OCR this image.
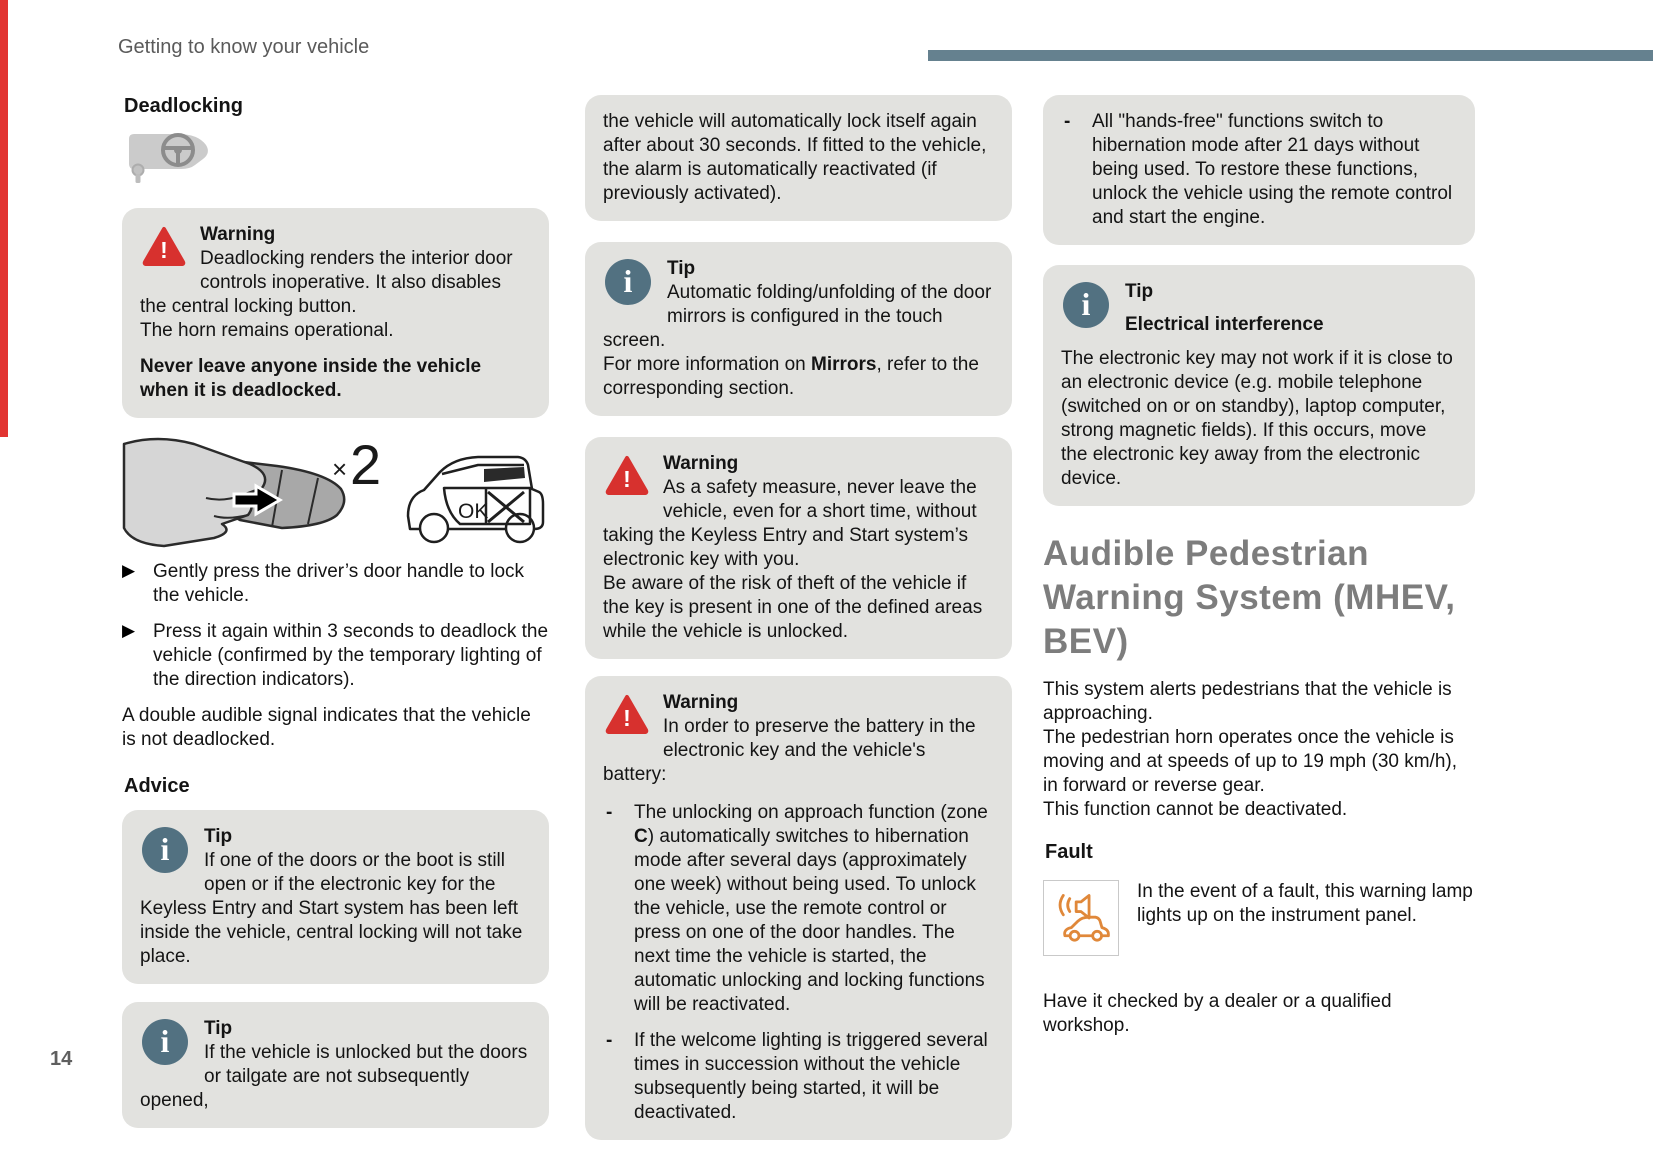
Getting to know your vehicle
Deadlocking
!

Warning
Deadlocking renders the interior door controls inoperative. It also disables the central locking button.
The horn remains operational.

Never leave anyone inside the vehicle when it is deadlocked.

× 2
OK
▶ Gently press the driver’s door handle to lock the vehicle.
▶ Press it again within 3 seconds to deadlock the vehicle (confirmed by the temporary lighting of the direction indicators).

A double audible signal indicates that the vehicle is not deadlocked.

Advice
i	Tip
If one of the doors or the boot is still open or if the electronic key for the Keyless Entry and Start system has been left inside the vehicle, central locking will not take place.

i	Tip
If the vehicle is unlocked but the doors or tailgate are not subsequently opened,

the vehicle will automatically lock itself again after about 30 seconds. If fitted to the vehicle, the alarm is automatically reactivated (if previously activated).

i	Tip
Automatic folding/unfolding of the door mirrors is configured in the touch screen.
For more information on Mirrors, refer to the corresponding section.

!

Warning
As a safety measure, never leave the vehicle, even for a short time, without taking the Keyless Entry and Start system’s electronic key with you.
Be aware of the risk of theft of the vehicle if the key is present in one of the defined areas while the vehicle is unlocked.

!

Warning
In order to preserve the battery in the electronic key and the vehicle's battery:

- The unlocking on approach function (zone C) automatically switches to hibernation mode after several days (approximately one week) without being used. To unlock the vehicle, use the remote control or press on one of the door handles. The next time the vehicle is started, the automatic unlocking and locking functions will be reactivated.
- If the welcome lighting is triggered several times in succession without the vehicle subsequently being started, it will be deactivated.
- All "hands-free" functions switch to hibernation mode after 21 days without being used. To restore these functions, unlock the vehicle using the remote control and start the engine.
i	Tip
Electrical interference

The electronic key may not work if it is close to an electronic device (e.g. mobile telephone (switched on or on standby), laptop computer, strong magnetic fields). If this occurs, move the electronic key away from the electronic device.

Audible Pedestrian Warning System (MHEV, BEV)

This system alerts pedestrians that the vehicle is approaching.

The pedestrian horn operates once the vehicle is moving and at speeds of up to 19 mph (30 km/h), in forward or reverse gear.

This function cannot be deactivated.

Fault

In the event of a fault, this warning lamp lights up on the instrument panel.

Have it checked by a dealer or a qualified workshop.

14
